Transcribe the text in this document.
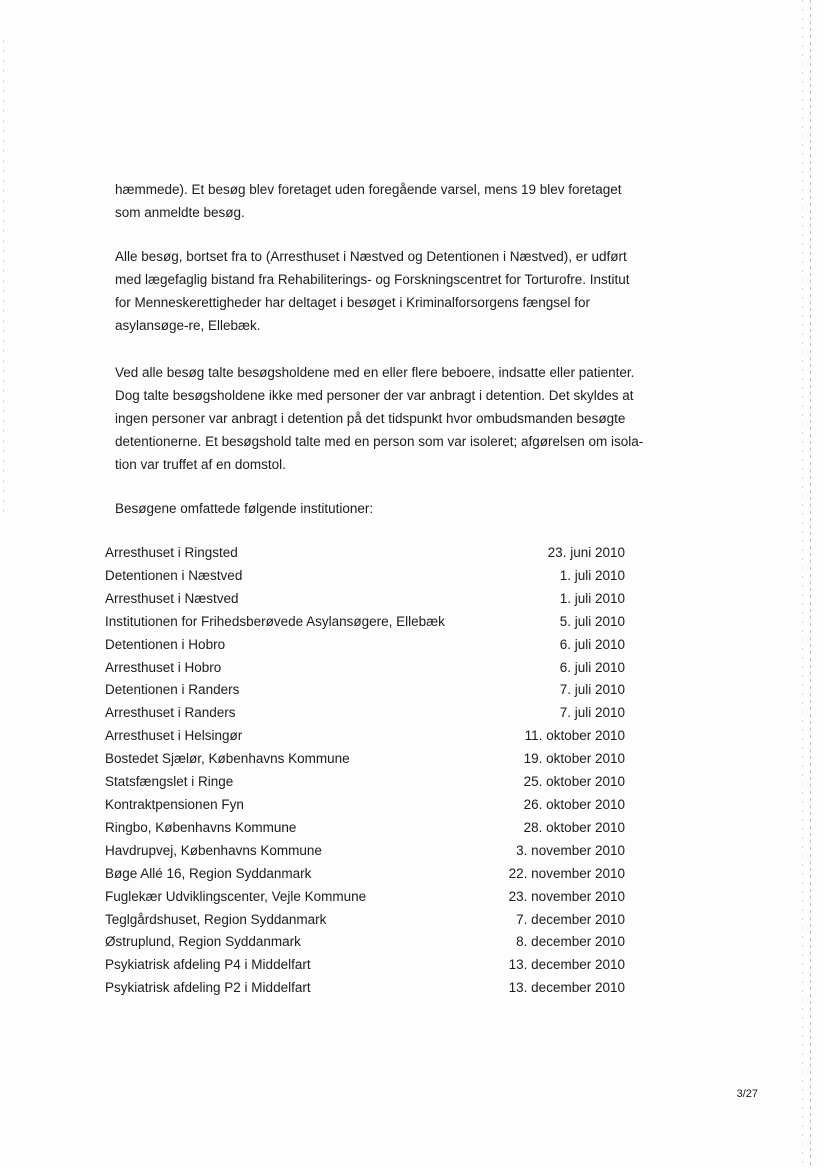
hæmmede). Et besøg blev foretaget uden foregående varsel, mens 19 blev foretaget som anmeldte besøg.

Alle besøg, bortset fra to (Arresthuset i Næstved og Detentionen i Næstved), er udført med lægefaglig bistand fra Rehabiliterings- og Forskningscentret for Torturofre. Institut for Menneskerettigheder har deltaget i besøget i Kriminalforsorgens fængsel for asylansøge-re, Ellebæk.

Ved alle besøg talte besøgsholdene med en eller flere beboere, indsatte eller patienter. Dog talte besøgsholdene ikke med personer der var anbragt i detention. Det skyldes at ingen personer var anbragt i detention på det tidspunkt hvor ombudsmanden besøgte detentionerne. Et besøgshold talte med en person som var isoleret; afgørelsen om isola-tion var truffet af en domstol.

Besøgene omfattede følgende institutioner:

Arresthuset i Ringsted	23. juni 2010
Detentionen i Næstved	1. juli 2010
Arresthuset i Næstved	1. juli 2010
Institutionen for Frihedsberøvede Asylansøgere, Ellebæk	5. juli 2010
Detentionen i Hobro	6. juli 2010
Arresthuset i Hobro	6. juli 2010
Detentionen i Randers	7. juli 2010
Arresthuset i Randers	7. juli 2010
Arresthuset i Helsingør	11. oktober 2010
Bostedet Sjælør, Københavns Kommune	19. oktober 2010
Statsfængslet i Ringe	25. oktober 2010
Kontraktpensionen Fyn	26. oktober 2010
Ringbo, Københavns Kommune	28. oktober 2010
Havdrupvej, Københavns Kommune	3. november 2010
Bøge Allé 16, Region Syddanmark	22. november 2010
Fuglekær Udviklingscenter, Vejle Kommune	23. november 2010
Teglgårdshuset, Region Syddanmark	7. december 2010
Østruplund, Region Syddanmark	8. december 2010
Psykiatrisk afdeling P4 i Middelfart	13. december 2010
Psykiatrisk afdeling P2 i Middelfart	13. december 2010
3/27
